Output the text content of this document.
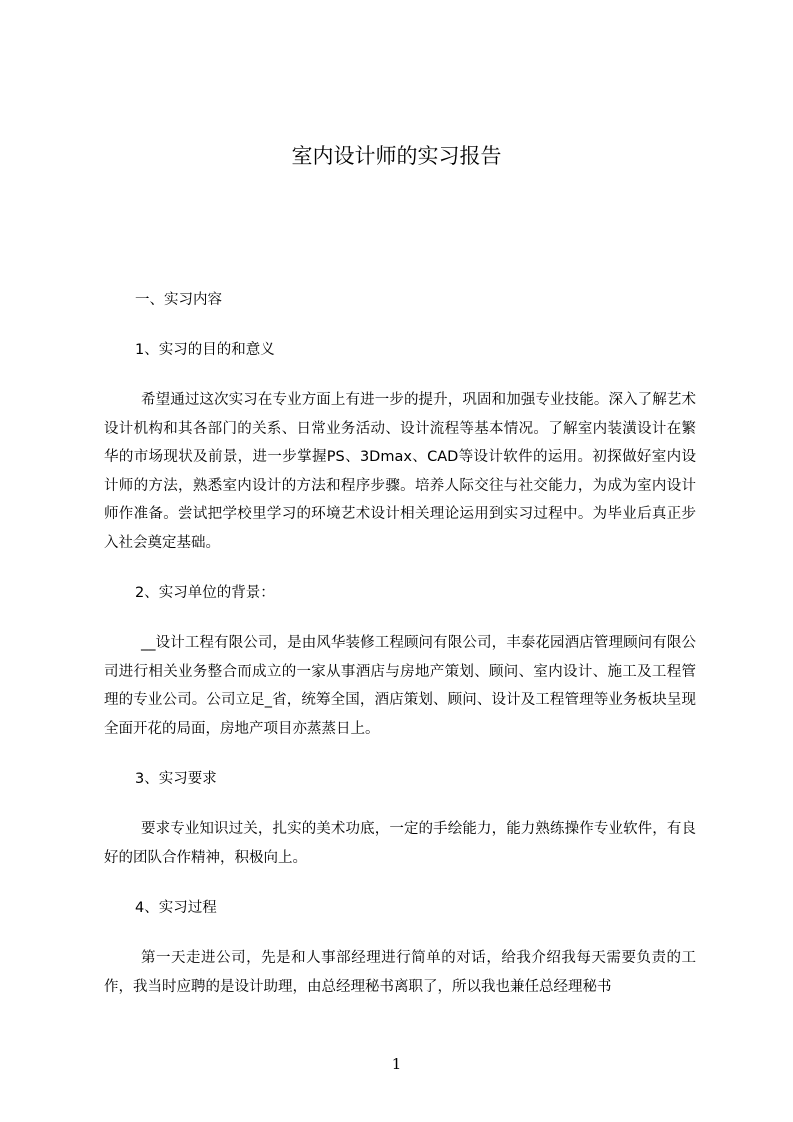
室内设计师的实习报告
一、实习内容
1、实习的目的和意义
希望通过这次实习在专业方面上有进一步的提升，巩固和加强专业技能。深入了解艺术设计机构和其各部门的关系、日常业务活动、设计流程等基本情况。了解室内装潢设计在繁华的市场现状及前景，进一步掌握PS、3Dmax、CAD等设计软件的运用。初探做好室内设计师的方法，熟悉室内设计的方法和程序步骤。培养人际交往与社交能力，为成为室内设计师作准备。尝试把学校里学习的环境艺术设计相关理论运用到实习过程中。为毕业后真正步入社会奠定基础。
2、实习单位的背景：
__设计工程有限公司，是由风华装修工程顾问有限公司，丰泰花园酒店管理顾问有限公司进行相关业务整合而成立的一家从事酒店与房地产策划、顾问、室内设计、施工及工程管理的专业公司。公司立足_省，统筹全国，酒店策划、顾问、设计及工程管理等业务板块呈现全面开花的局面，房地产项目亦蒸蒸日上。
3、实习要求
要求专业知识过关，扎实的美术功底，一定的手绘能力，能力熟练操作专业软件，有良好的团队合作精神，积极向上。
4、实习过程
第一天走进公司，先是和人事部经理进行简单的对话，给我介绍我每天需要负责的工作，我当时应聘的是设计助理，由总经理秘书离职了，所以我也兼任总经理秘书
1
